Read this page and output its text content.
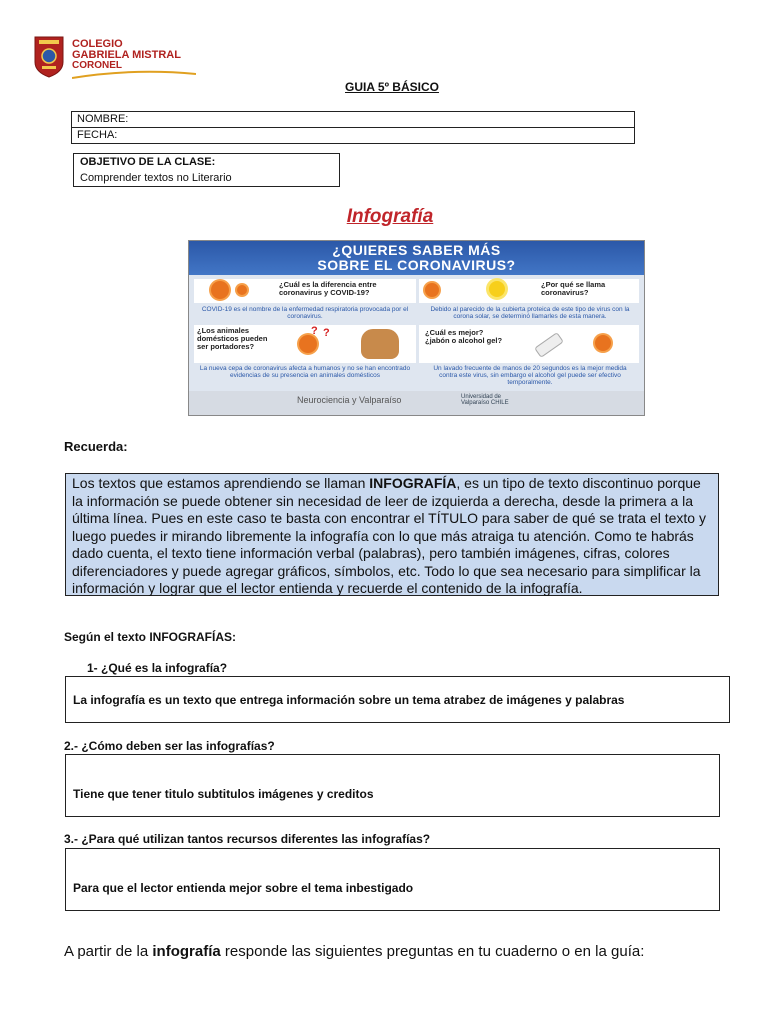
COLEGIO
GABRIELA MISTRAL
CORONEL
GUIA 5º BÁSICO
NOMBRE:
FECHA:
OBJETIVO DE LA CLASE:
Comprender textos no Literario
Infografía
¿QUIERES SABER MÁS
SOBRE EL CORONAVIRUS?
¿Cuál es la diferencia entre coronavirus y COVID-19?
COVID-19 es el nombre de la enfermedad respiratoria provocada por el coronavirus.
¿Por qué se llama coronavirus?
Debido al parecido de la cubierta proteica de este tipo de virus con la corona solar, se determinó llamarles de esta manera.
¿Los animales domésticos pueden ser portadores?
? ?
La nueva cepa de coronavirus afecta a humanos y no se han encontrado evidencias de su presencia en animales domésticos
¿Cuál es mejor? ¿jabón o alcohol gel?
Un lavado frecuente de manos de 20 segundos es la mejor medida contra este virus, sin embargo el alcohol gel puede ser efectivo temporalmente.
Neurociencia y Valparaíso	Universidad de Valparaíso CHILE
Recuerda:
Los textos que estamos aprendiendo se llaman INFOGRAFÍA, es un tipo de texto discontinuo porque la información se puede obtener sin necesidad de leer de izquierda a derecha, desde la primera a la última línea. Pues en este caso te basta con encontrar el TÍTULO para saber de qué se trata el texto y luego puedes ir mirando libremente la infografía con lo que más atraiga tu atención. Como te habrás dado cuenta, el texto tiene información verbal (palabras), pero también imágenes, cifras, colores diferenciadores y puede agregar gráficos, símbolos, etc. Todo lo que sea necesario para simplificar la información y lograr que el lector entienda y recuerde el contenido de la infografía.
Según el texto INFOGRAFÍAS:
1- ¿Qué es la infografía?
La infografía es un texto que entrega información sobre un tema atrabez de imágenes y palabras
2.- ¿Cómo deben ser las infografías?
Tiene que tener titulo subtitulos imágenes y creditos
3.- ¿Para qué utilizan tantos recursos diferentes las infografías?
Para que el lector entienda mejor sobre el tema inbestigado
A partir de la infografía responde las siguientes preguntas en tu cuaderno o en la guía:
